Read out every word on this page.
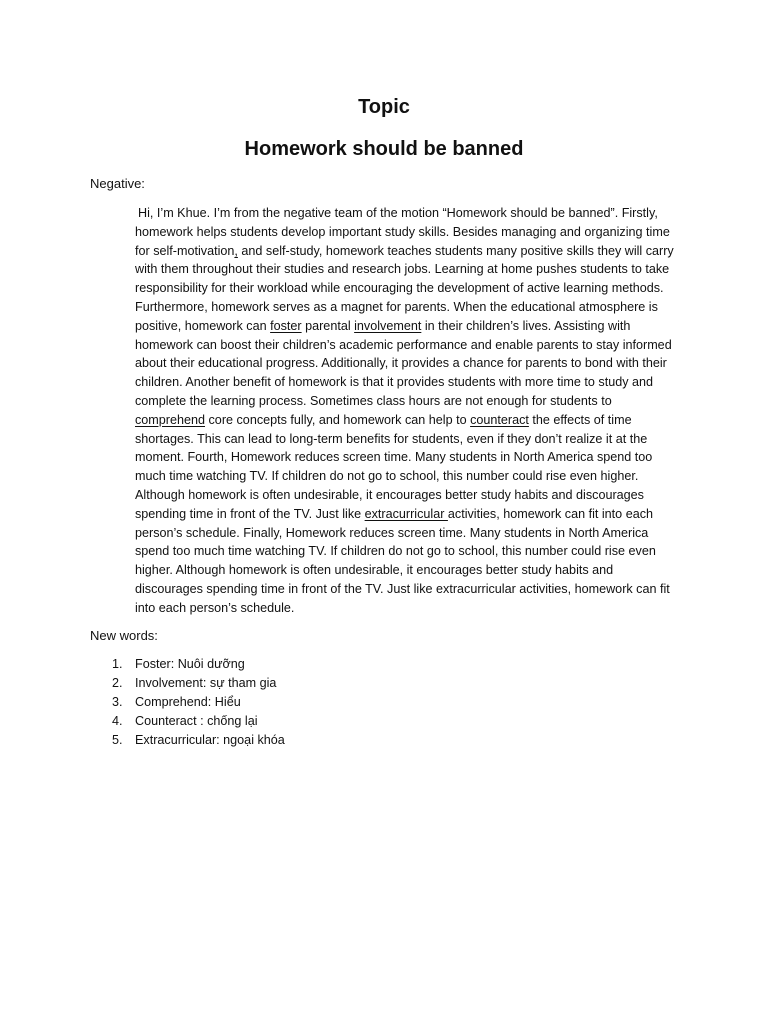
Topic
Homework should be banned
Negative:
Hi, I’m Khue. I’m from the negative team of the motion “Homework should be banned”. Firstly, homework helps students develop important study skills. Besides managing and organizing time for self-motivation, and self-study, homework teaches students many positive skills they will carry with them throughout their studies and research jobs. Learning at home pushes students to take responsibility for their workload while encouraging the development of active learning methods. Furthermore, homework serves as a magnet for parents. When the educational atmosphere is positive, homework can foster parental involvement in their children’s lives. Assisting with homework can boost their children’s academic performance and enable parents to stay informed about their educational progress. Additionally, it provides a chance for parents to bond with their children. Another benefit of homework is that it provides students with more time to study and complete the learning process. Sometimes class hours are not enough for students to comprehend core concepts fully, and homework can help to counteract the effects of time shortages. This can lead to long-term benefits for students, even if they don’t realize it at the moment. Fourth, Homework reduces screen time. Many students in North America spend too much time watching TV. If children do not go to school, this number could rise even higher. Although homework is often undesirable, it encourages better study habits and discourages spending time in front of the TV. Just like extracurricular activities, homework can fit into each person’s schedule. Finally, Homework reduces screen time. Many students in North America spend too much time watching TV. If children do not go to school, this number could rise even higher. Although homework is often undesirable, it encourages better study habits and discourages spending time in front of the TV. Just like extracurricular activities, homework can fit into each person’s schedule.
New words:
1. Foster: Nuôi dưỡng
2. Involvement: sự tham gia
3. Comprehend: Hiểu
4. Counteract : chống lại
5. Extracurricular: ngoại khóa
